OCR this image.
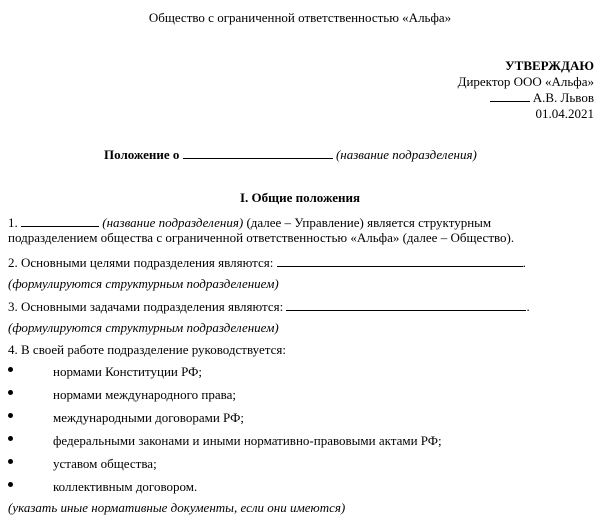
Общество с ограниченной ответственностью «Альфа»
УТВЕРЖДАЮ
Директор ООО «Альфа»
А.В. Львов
01.04.2021
Положение о	(название подразделения)
I. Общие положения
1.	(название подразделения) (далее – Управление) является структурным
подразделением общества с ограниченной ответственностью «Альфа» (далее – Общество).
2. Основными целями подразделения являются:	.
(формулируются структурным подразделением)
3. Основными задачами подразделения являются:	.
(формулируются структурным подразделением)
4. В своей работе подразделение руководствуется:
нормами Конституции РФ;
нормами международного права;
международными договорами РФ;
федеральными законами и иными нормативно-правовыми актами РФ;
уставом общества;
коллективным договором.
(указать иные нормативные документы, если они имеются)
